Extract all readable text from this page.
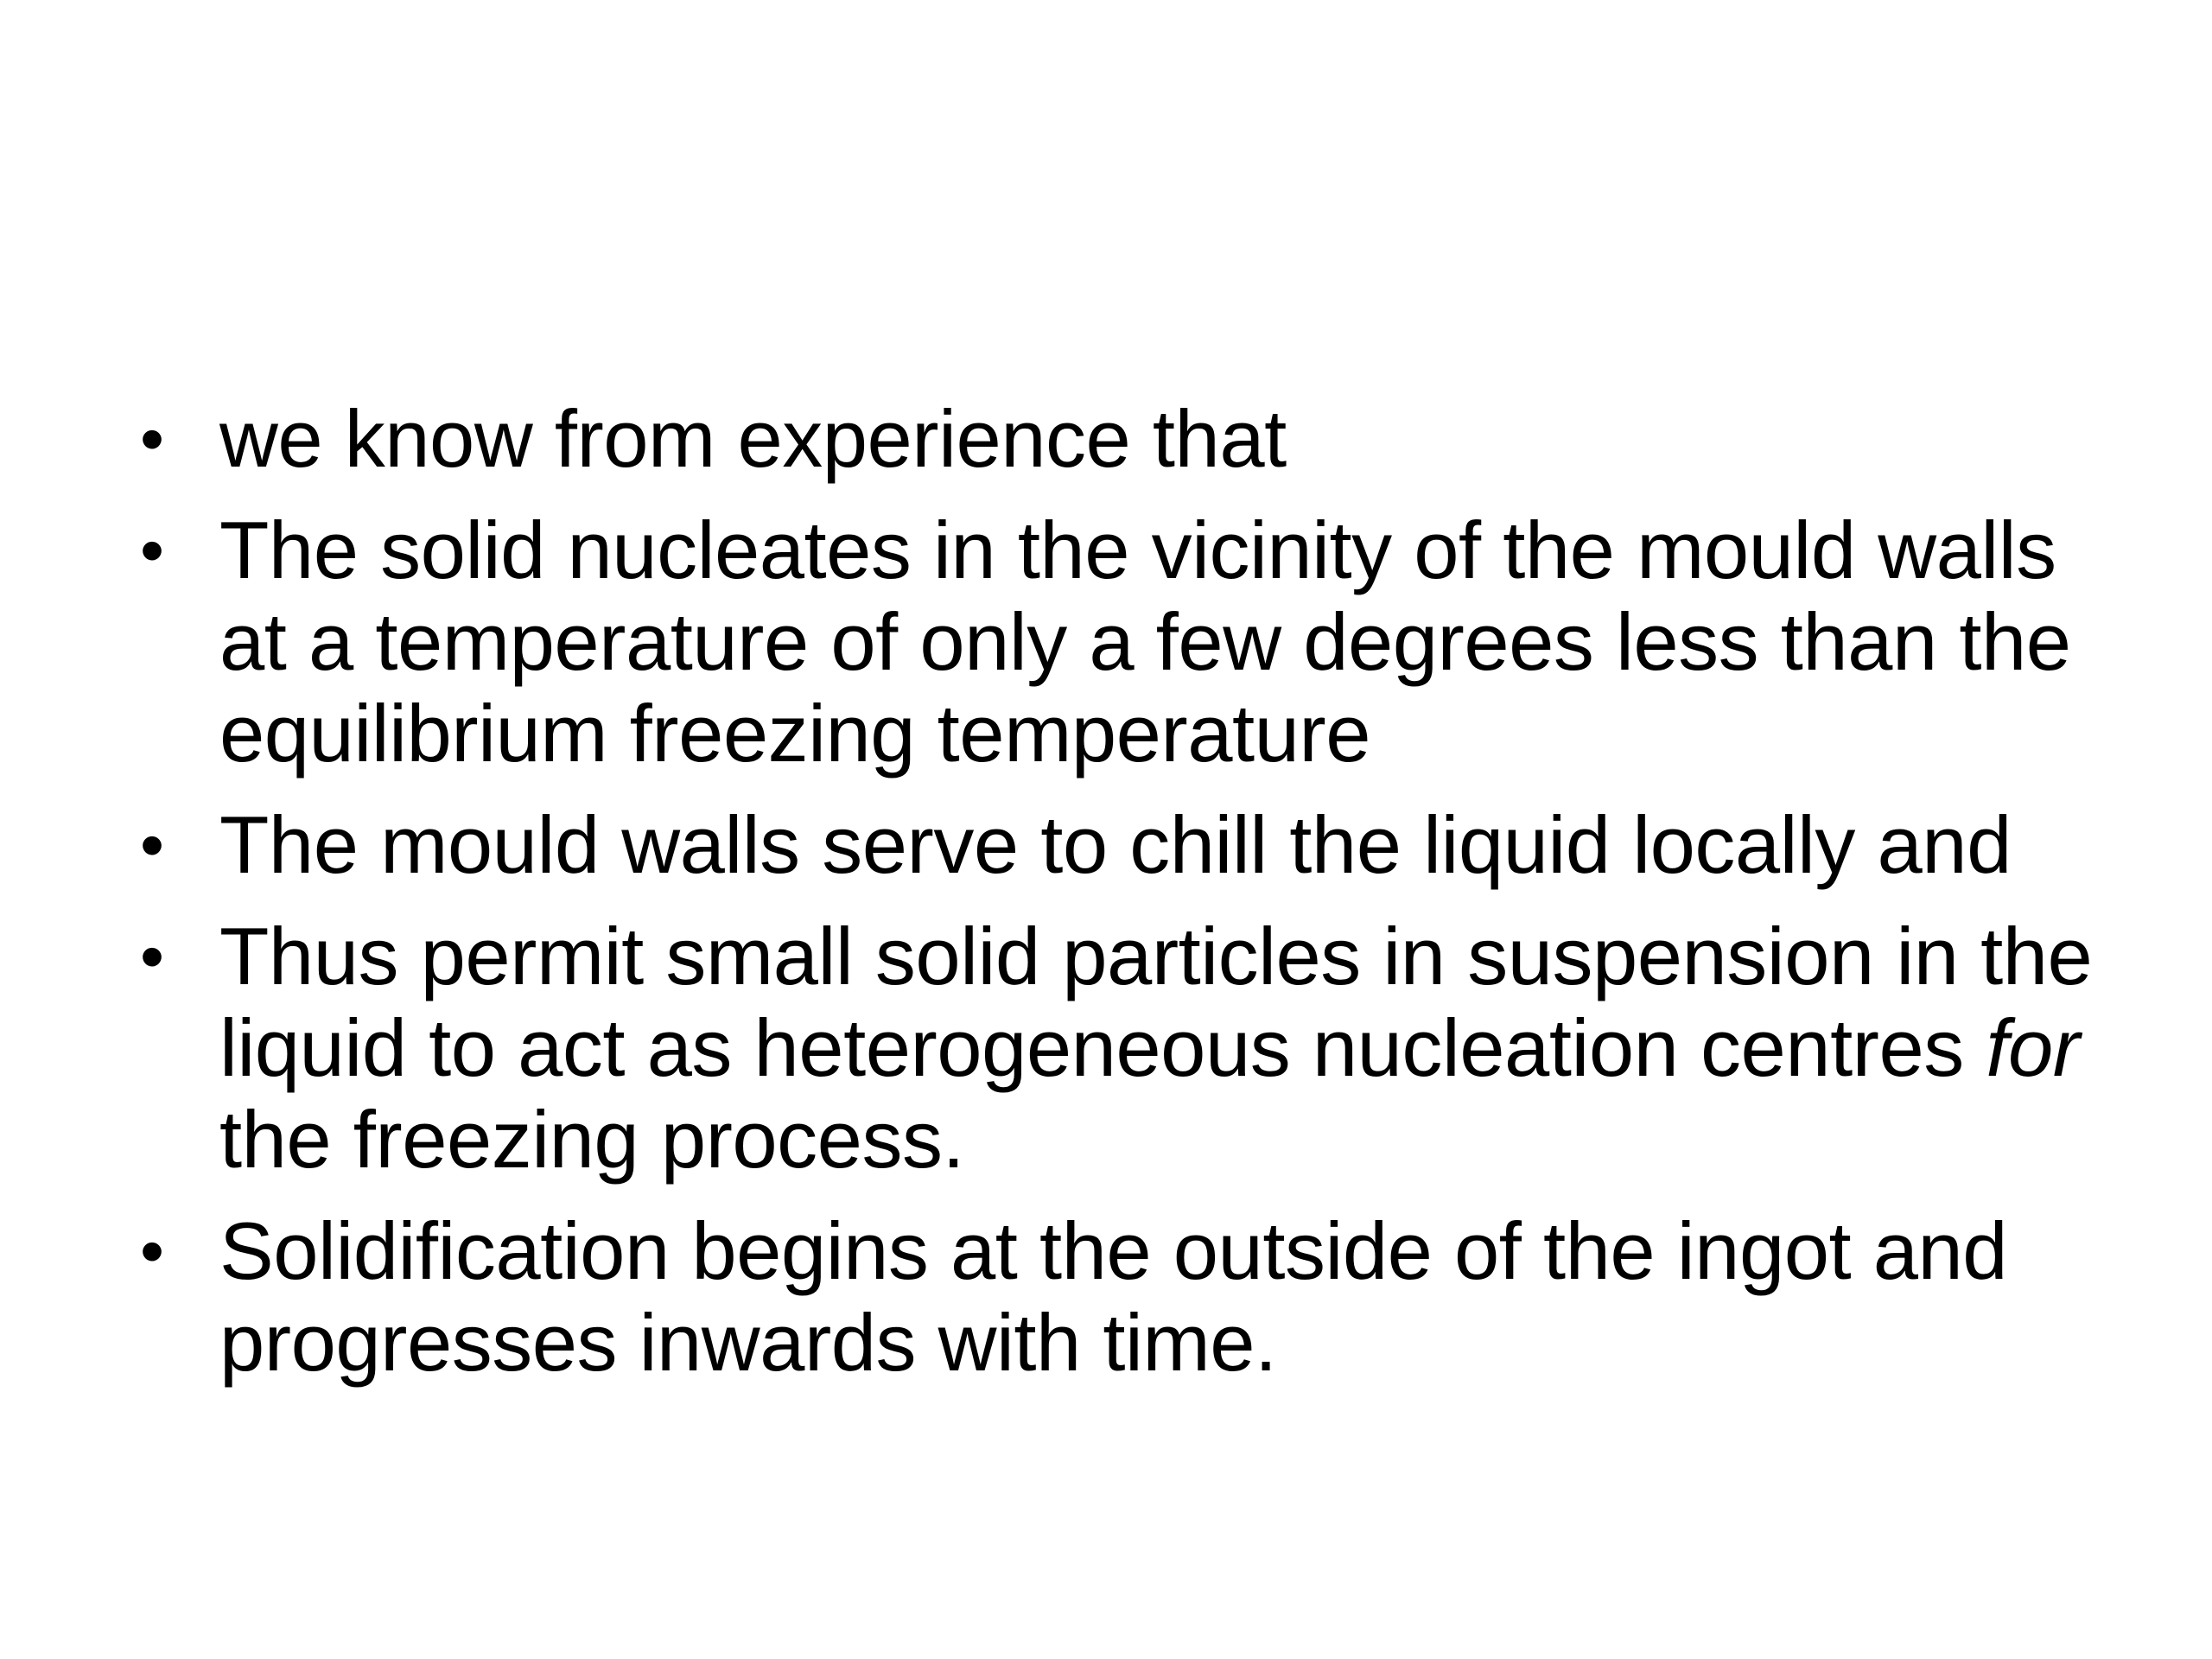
• we know from experience that
• The solid nucleates in the vicinity of the mould walls at a temperature of only a few degrees less than the equilibrium freezing temperature
• The mould walls serve to chill the liquid locally and
• Thus permit small solid particles in suspension in the liquid to act as heterogeneous nucleation centres for the freezing process.
• Solidification begins at the outside of the ingot and progresses inwards with time.
